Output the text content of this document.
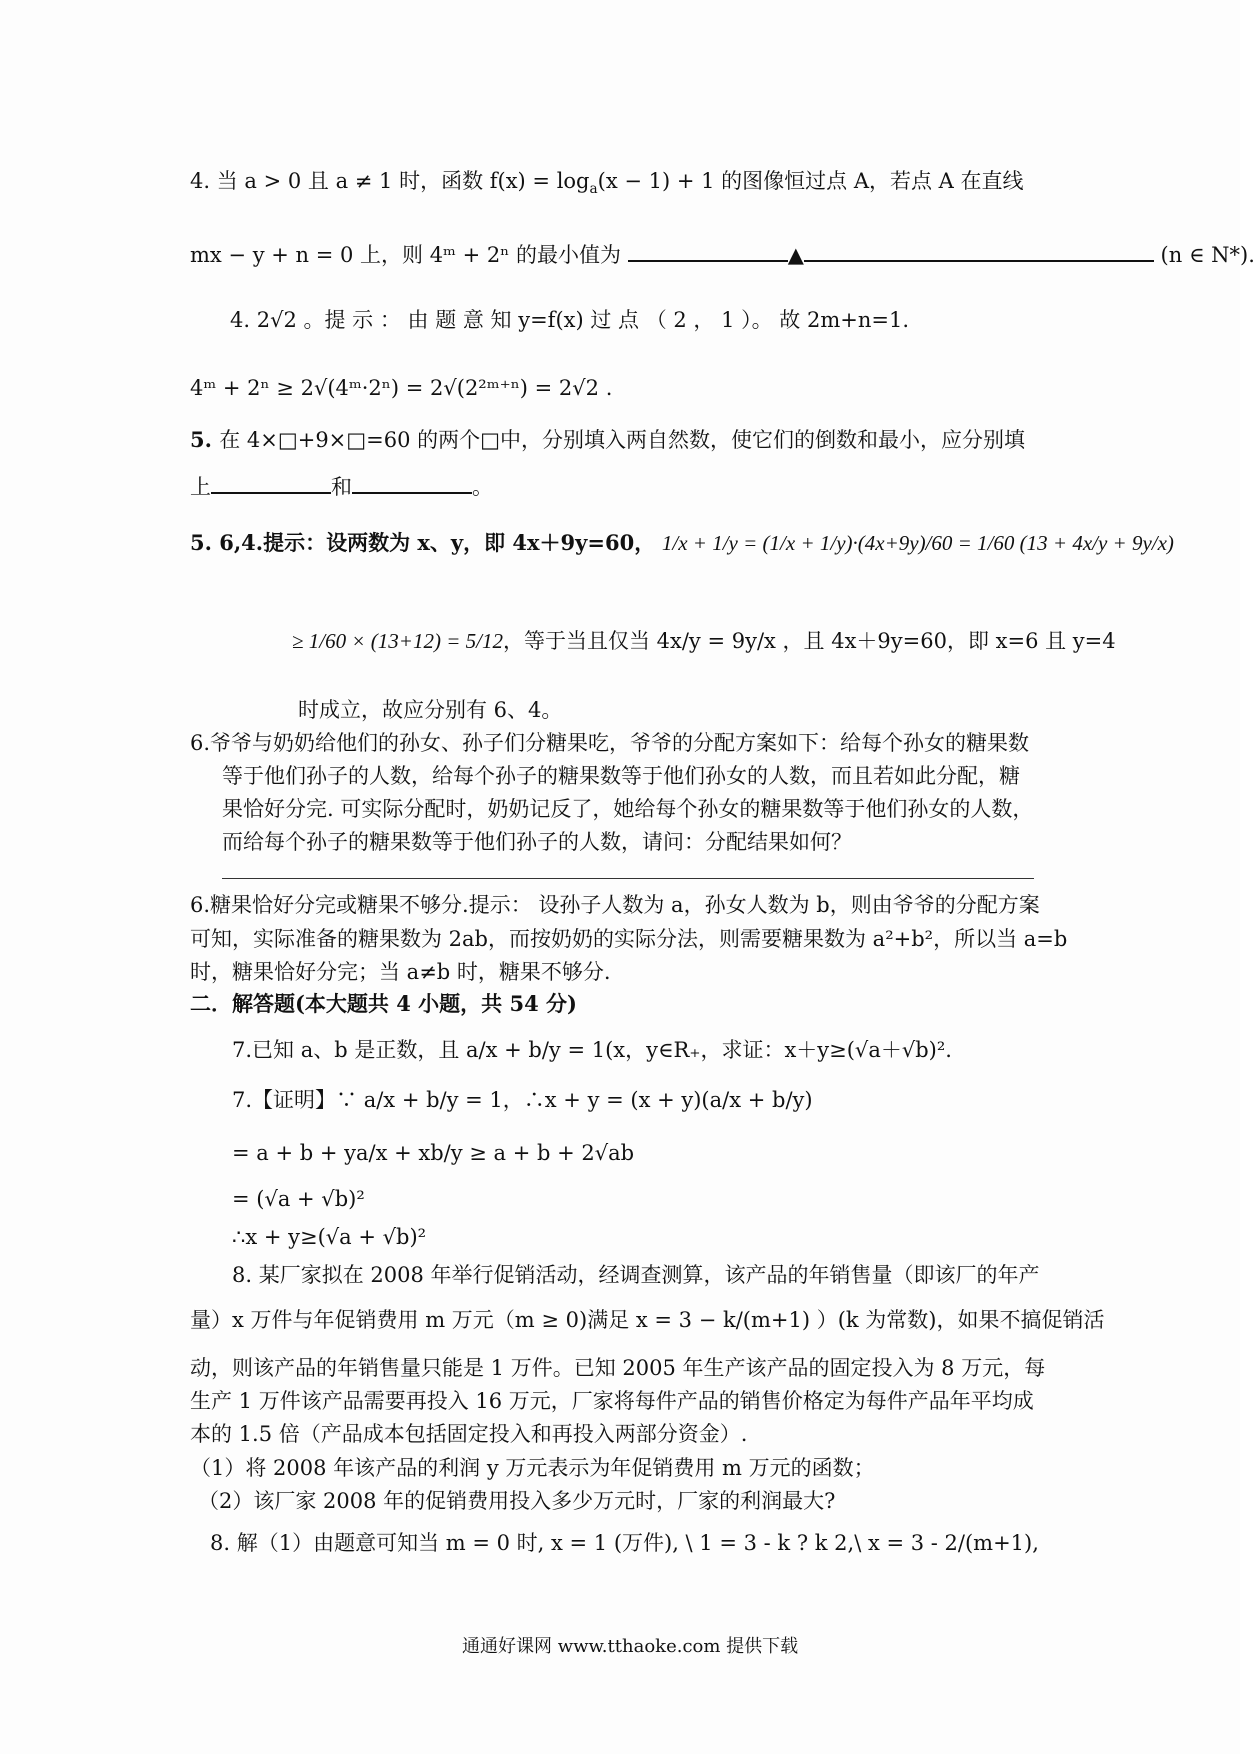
4. 当 a > 0 且 a ≠ 1 时，函数 $f(x) = \log_a(x - 1) + 1$ 的图像恒过点 A，若点 A 在直线
mx − y + n = 0 上，则 4ᵐ + 2ⁿ 的最小值为	▲	(n ∈ N*).
4. 2√2 。提 示 ： 由 题 意 知 y=f(x) 过 点 （ 2 ， 1 ）。 故 2m+n=1.
4ᵐ + 2ⁿ ≥ 2√(4ᵐ·2ⁿ) = 2√(2²ᵐ⁺ⁿ) = 2√2 .
5. 在 4×□+9×□=60 的两个□中，分别填入两自然数，使它们的倒数和最小，应分别填
上	和	。
5. 6,4.提示：设两数为 x、y，即 4x＋9y=60， 1/x + 1/y = (1/x + 1/y)·(4x+9y)/60 = 1/60 (13 + 4x/y + 9y/x)
≥ 1/60 × (13+12) = 5/12，等于当且仅当 4x/y = 9y/x ，且 4x＋9y=60，即 x=6 且 y=4
时成立，故应分别有 6、4。
6.爷爷与奶奶给他们的孙女、孙子们分糖果吃，爷爷的分配方案如下：给每个孙女的糖果数
等于他们孙子的人数，给每个孙子的糖果数等于他们孙女的人数，而且若如此分配，糖
果恰好分完. 可实际分配时，奶奶记反了，她给每个孙女的糖果数等于他们孙女的人数，
而给每个孙子的糖果数等于他们孙子的人数，请问：分配结果如何？
6.糖果恰好分完或糖果不够分.提示： 设孙子人数为 a，孙女人数为 b，则由爷爷的分配方案
可知，实际准备的糖果数为 2ab，而按奶奶的实际分法，则需要糖果数为 a²+b²，所以当 a=b
时，糖果恰好分完；当 a≠b 时，糖果不够分.
二．解答题(本大题共 4 小题，共 54 分)
7.已知 a、b 是正数，且 a/x + b/y = 1(x，y∈R₊，求证：x＋y≥(√a＋√b)².
7.【证明】∵ a/x + b/y = 1，∴x + y = (x + y)(a/x + b/y)
= a + b + ya/x + xb/y ≥ a + b + 2√ab
= (√a + √b)²
∴x + y≥(√a + √b)²
8. 某厂家拟在 2008 年举行促销活动，经调查测算，该产品的年销售量（即该厂的年产
量）x 万件与年促销费用 m 万元（m ≥ 0)满足 x = 3 − k/(m+1) ）(k 为常数)，如果不搞促销活
动，则该产品的年销售量只能是 1 万件。已知 2005 年生产该产品的固定投入为 8 万元，每
生产 1 万件该产品需要再投入 16 万元，厂家将每件产品的销售价格定为每件产品年平均成
本的 1.5 倍（产品成本包括固定投入和再投入两部分资金）.
（1）将 2008 年该产品的利润 y 万元表示为年促销费用 m 万元的函数；
（2）该厂家 2008 年的促销费用投入多少万元时，厂家的利润最大?
8. 解（1）由题意可知当 m = 0 时, x = 1 (万件), \ 1 = 3 - k ? k 2,\ x = 3 - 2/(m+1),
通通好课网 www.tthaoke.com 提供下载
